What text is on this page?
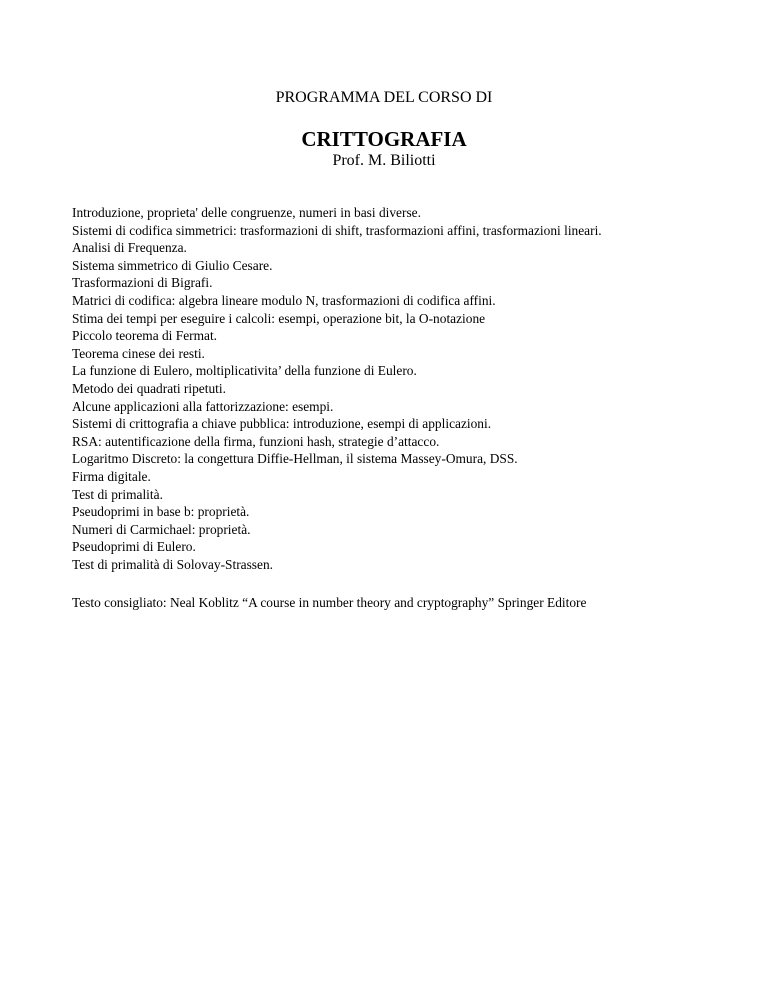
PROGRAMMA DEL CORSO DI
CRITTOGRAFIA
Prof. M. Biliotti
Introduzione, proprieta' delle congruenze, numeri in basi diverse.
Sistemi di codifica simmetrici: trasformazioni di shift, trasformazioni affini, trasformazioni lineari.
Analisi di Frequenza.
Sistema simmetrico di Giulio Cesare.
Trasformazioni di Bigrafi.
Matrici di codifica: algebra lineare modulo N, trasformazioni di codifica affini.
Stima dei tempi per eseguire i calcoli: esempi, operazione bit, la O-notazione
Piccolo teorema di Fermat.
Teorema cinese dei resti.
La funzione di Eulero, moltiplicativita’ della funzione di Eulero.
Metodo dei quadrati ripetuti.
Alcune applicazioni alla fattorizzazione: esempi.
Sistemi di crittografia a chiave pubblica: introduzione, esempi di applicazioni.
RSA: autentificazione della firma, funzioni hash, strategie d’attacco.
Logaritmo Discreto: la congettura Diffie-Hellman, il sistema Massey-Omura, DSS.
Firma digitale.
Test di primalità.
Pseudoprimi in base b: proprietà.
Numeri di Carmichael: proprietà.
Pseudoprimi di Eulero.
Test di primalità di Solovay-Strassen.
Testo consigliato: Neal Koblitz “A course in number theory and cryptography” Springer Editore
